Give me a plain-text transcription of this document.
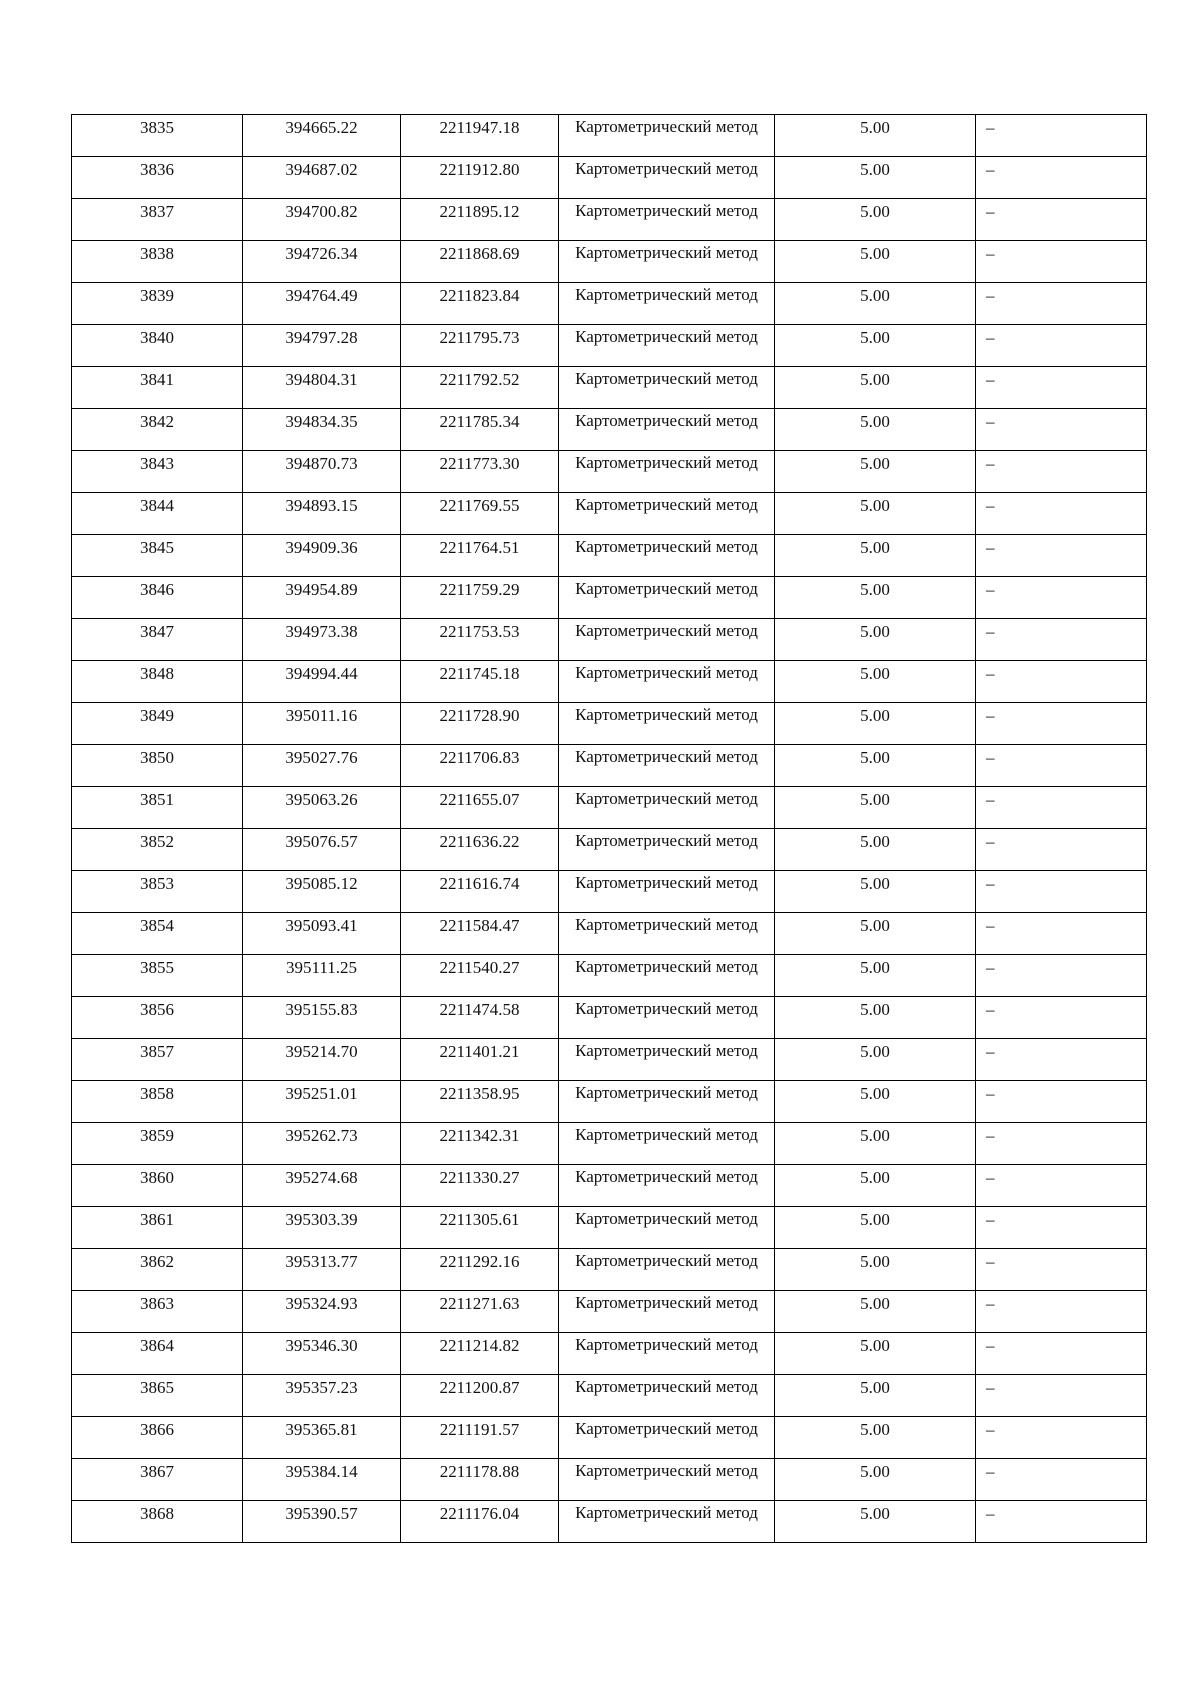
3835	394665.22	2211947.18	Картометрический метод	5.00	–
3836	394687.02	2211912.80	Картометрический метод	5.00	–
3837	394700.82	2211895.12	Картометрический метод	5.00	–
3838	394726.34	2211868.69	Картометрический метод	5.00	–
3839	394764.49	2211823.84	Картометрический метод	5.00	–
3840	394797.28	2211795.73	Картометрический метод	5.00	–
3841	394804.31	2211792.52	Картометрический метод	5.00	–
3842	394834.35	2211785.34	Картометрический метод	5.00	–
3843	394870.73	2211773.30	Картометрический метод	5.00	–
3844	394893.15	2211769.55	Картометрический метод	5.00	–
3845	394909.36	2211764.51	Картометрический метод	5.00	–
3846	394954.89	2211759.29	Картометрический метод	5.00	–
3847	394973.38	2211753.53	Картометрический метод	5.00	–
3848	394994.44	2211745.18	Картометрический метод	5.00	–
3849	395011.16	2211728.90	Картометрический метод	5.00	–
3850	395027.76	2211706.83	Картометрический метод	5.00	–
3851	395063.26	2211655.07	Картометрический метод	5.00	–
3852	395076.57	2211636.22	Картометрический метод	5.00	–
3853	395085.12	2211616.74	Картометрический метод	5.00	–
3854	395093.41	2211584.47	Картометрический метод	5.00	–
3855	395111.25	2211540.27	Картометрический метод	5.00	–
3856	395155.83	2211474.58	Картометрический метод	5.00	–
3857	395214.70	2211401.21	Картометрический метод	5.00	–
3858	395251.01	2211358.95	Картометрический метод	5.00	–
3859	395262.73	2211342.31	Картометрический метод	5.00	–
3860	395274.68	2211330.27	Картометрический метод	5.00	–
3861	395303.39	2211305.61	Картометрический метод	5.00	–
3862	395313.77	2211292.16	Картометрический метод	5.00	–
3863	395324.93	2211271.63	Картометрический метод	5.00	–
3864	395346.30	2211214.82	Картометрический метод	5.00	–
3865	395357.23	2211200.87	Картометрический метод	5.00	–
3866	395365.81	2211191.57	Картометрический метод	5.00	–
3867	395384.14	2211178.88	Картометрический метод	5.00	–
3868	395390.57	2211176.04	Картометрический метод	5.00	–
